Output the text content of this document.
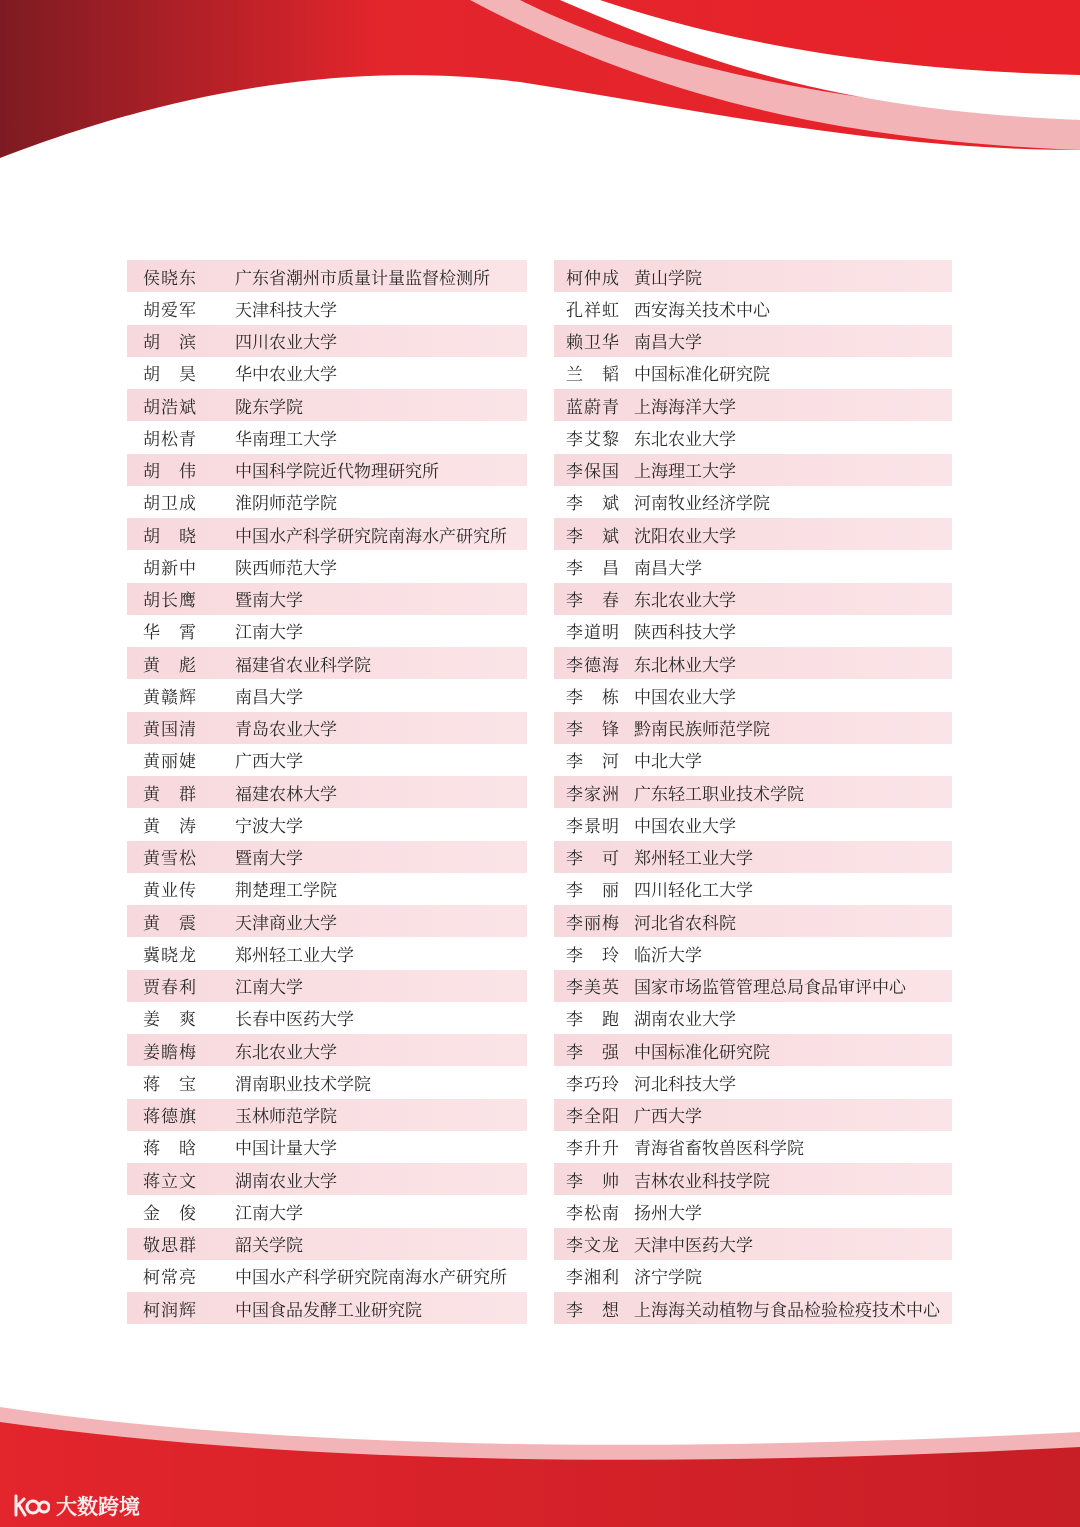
侯晓东	广东省潮州市质量计量监督检测所
胡爱军	天津科技大学
胡　滨	四川农业大学
胡　昊	华中农业大学
胡浩斌	陇东学院
胡松青	华南理工大学
胡　伟	中国科学院近代物理研究所
胡卫成	淮阴师范学院
胡　晓	中国水产科学研究院南海水产研究所
胡新中	陕西师范大学
胡长鹰	暨南大学
华　霄	江南大学
黄　彪	福建省农业科学院
黄赣辉	南昌大学
黄国清	青岛农业大学
黄丽婕	广西大学
黄　群	福建农林大学
黄　涛	宁波大学
黄雪松	暨南大学
黄业传	荆楚理工学院
黄　震	天津商业大学
冀晓龙	郑州轻工业大学
贾春利	江南大学
姜　爽	长春中医药大学
姜瞻梅	东北农业大学
蒋　宝	渭南职业技术学院
蒋德旗	玉林师范学院
蒋　晗	中国计量大学
蒋立文	湖南农业大学
金　俊	江南大学
敬思群	韶关学院
柯常亮	中国水产科学研究院南海水产研究所
柯润辉	中国食品发酵工业研究院
柯仲成 黄山学院
孔祥虹 西安海关技术中心
赖卫华 南昌大学
兰　韬 中国标准化研究院
蓝蔚青 上海海洋大学
李艾黎 东北农业大学
李保国 上海理工大学
李　斌 河南牧业经济学院
李　斌 沈阳农业大学
李　昌 南昌大学
李　春 东北农业大学
李道明 陕西科技大学
李德海 东北林业大学
李　栋 中国农业大学
李　锋 黔南民族师范学院
李　河 中北大学
李家洲 广东轻工职业技术学院
李景明 中国农业大学
李　可 郑州轻工业大学
李　丽 四川轻化工大学
李丽梅 河北省农科院
李　玲 临沂大学
李美英 国家市场监管管理总局食品审评中心
李　跑 湖南农业大学
李　强 中国标准化研究院
李巧玲 河北科技大学
李全阳 广西大学
李升升 青海省畜牧兽医科学院
李　帅 吉林农业科技学院
李松南 扬州大学
李文龙 天津中医药大学
李湘利 济宁学院
李　想 上海海关动植物与食品检验检疫技术中心
大数跨境
